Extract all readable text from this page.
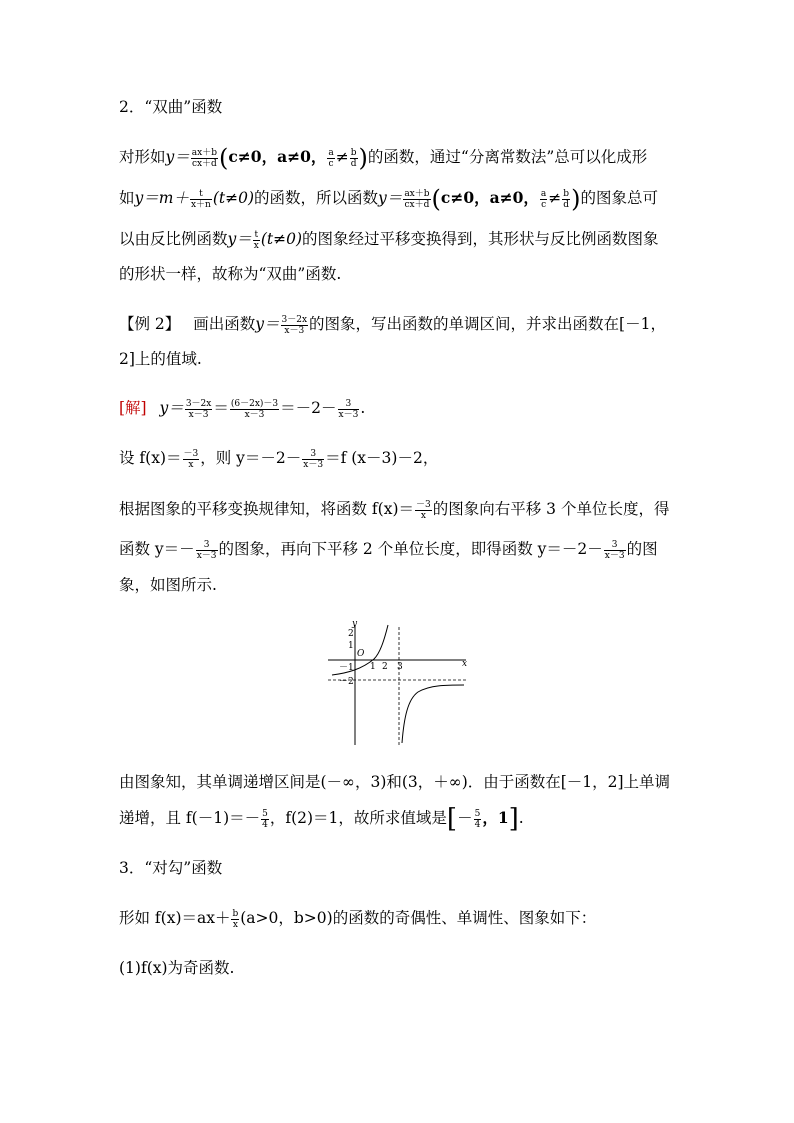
2．“双曲”函数
对形如$y= \frac{ax+b}{cx+d} (c\ne 0$，a≠0， $\frac{a}{c} \ne \frac{b}{d}$ )的函数，通过“分离常数法”总可以化成形
如$y=m+ \frac{t}{x+n} (t\ne 0)$的函数，所以函数$y= \frac{ax+b}{cx+d} (c\ne 0$，a≠0， $\frac{a}{c} \ne \frac{b}{d}$ )的图象总可
以由反比例函数$y= \frac{t}{x} (t\ne 0)$的图象经过平移变换得到，其形状与反比例函数图象
的形状一样，故称为“双曲”函数.
【例 2】 画出函数$y= \frac{3-2x}{x-3}$ 的图象，写出函数的单调区间，并求出函数在[－1，
2]上的值域.
[解] $y= \frac{3-2x}{x-3} = \frac{(6-2x)-3}{x-3} =-2- \frac{3}{x-3}$ .
设 $f(x)= \frac{-3}{x}$ ，则 $y=-2- \frac{3}{x-3} =f$ (x－3)－2，
根据图象的平移变换规律知，将函数 $f(x)= \frac{-3}{x}$ 的图象向右平移 3 个单位长度，得
函数 $y=- \frac{3}{x-3}$ 的图象，再向下平移 2 个单位长度，即得函数 $y=-2- \frac{3}{x-3}$ 的图
象，如图所示.
y
x
O
2
1
－1
－2
1 2 3
由图象知，其单调递增区间是(－∞，3)和(3，＋∞)．由于函数在[－1，2]上单调
递增，且 $f(-1)=- \frac{5}{4}$ ，f(2)＝1，故所求值域是[－ $\frac{5}{4}$ ，1].
3．“对勾”函数
形如 $f(x)=ax+ \frac{b}{x} (a>0$，b>0)的函数的奇偶性、单调性、图象如下：
(1)f(x)为奇函数.
